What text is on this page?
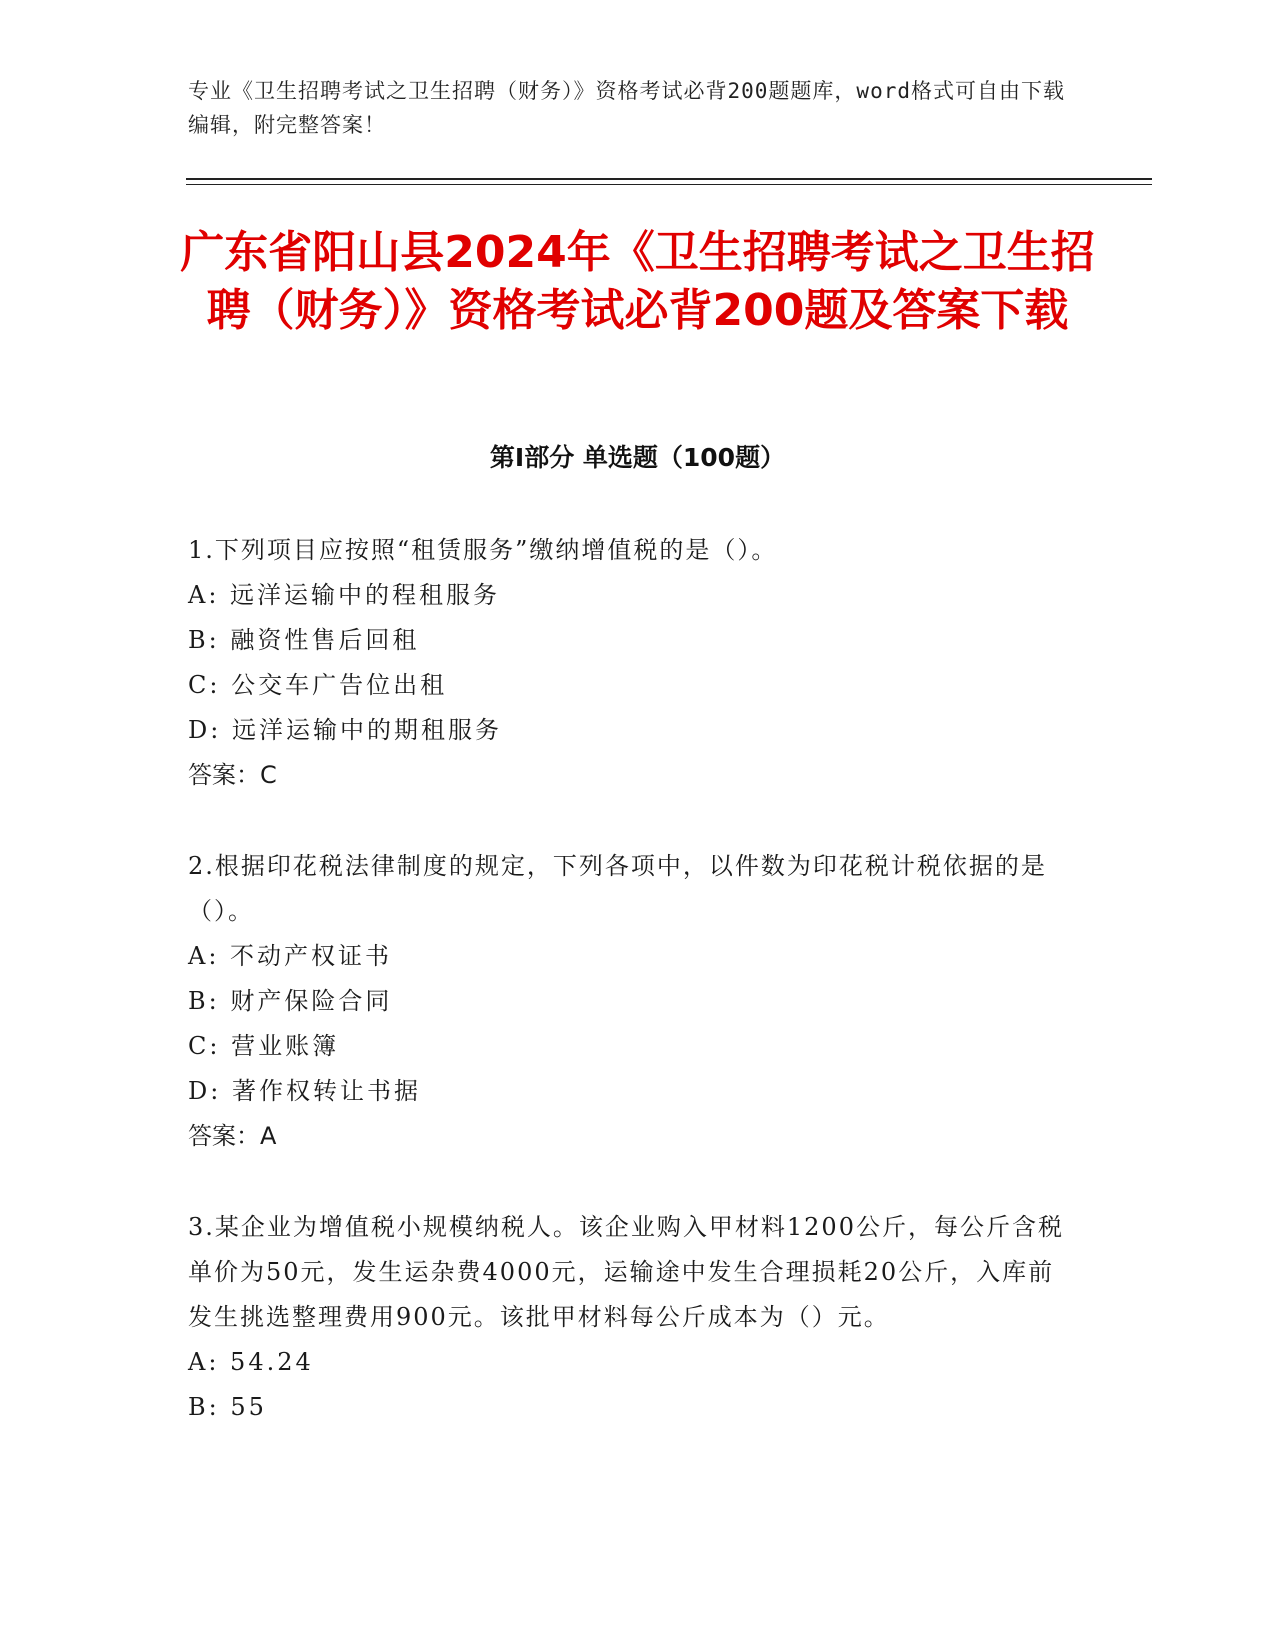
专业《卫生招聘考试之卫生招聘（财务）》资格考试必背200题题库，word格式可自由下载编辑，附完整答案！
广东省阳山县2024年《卫生招聘考试之卫生招聘（财务）》资格考试必背200题及答案下载
第Ⅰ部分 单选题（100题）

1.下列项目应按照“租赁服务”缴纳增值税的是（）。

A: 远洋运输中的程租服务

B: 融资性售后回租

C: 公交车广告位出租

D: 远洋运输中的期租服务

答案：C

2.根据印花税法律制度的规定，下列各项中，以件数为印花税计税依据的是（）。

A: 不动产权证书

B: 财产保险合同

C: 营业账簿

D: 著作权转让书据

答案：A

3.某企业为增值税小规模纳税人。该企业购入甲材料1200公斤，每公斤含税单价为50元，发生运杂费4000元，运输途中发生合理损耗20公斤，入库前发生挑选整理费用900元。该批甲材料每公斤成本为（）元。

A: 54.24

B: 55
